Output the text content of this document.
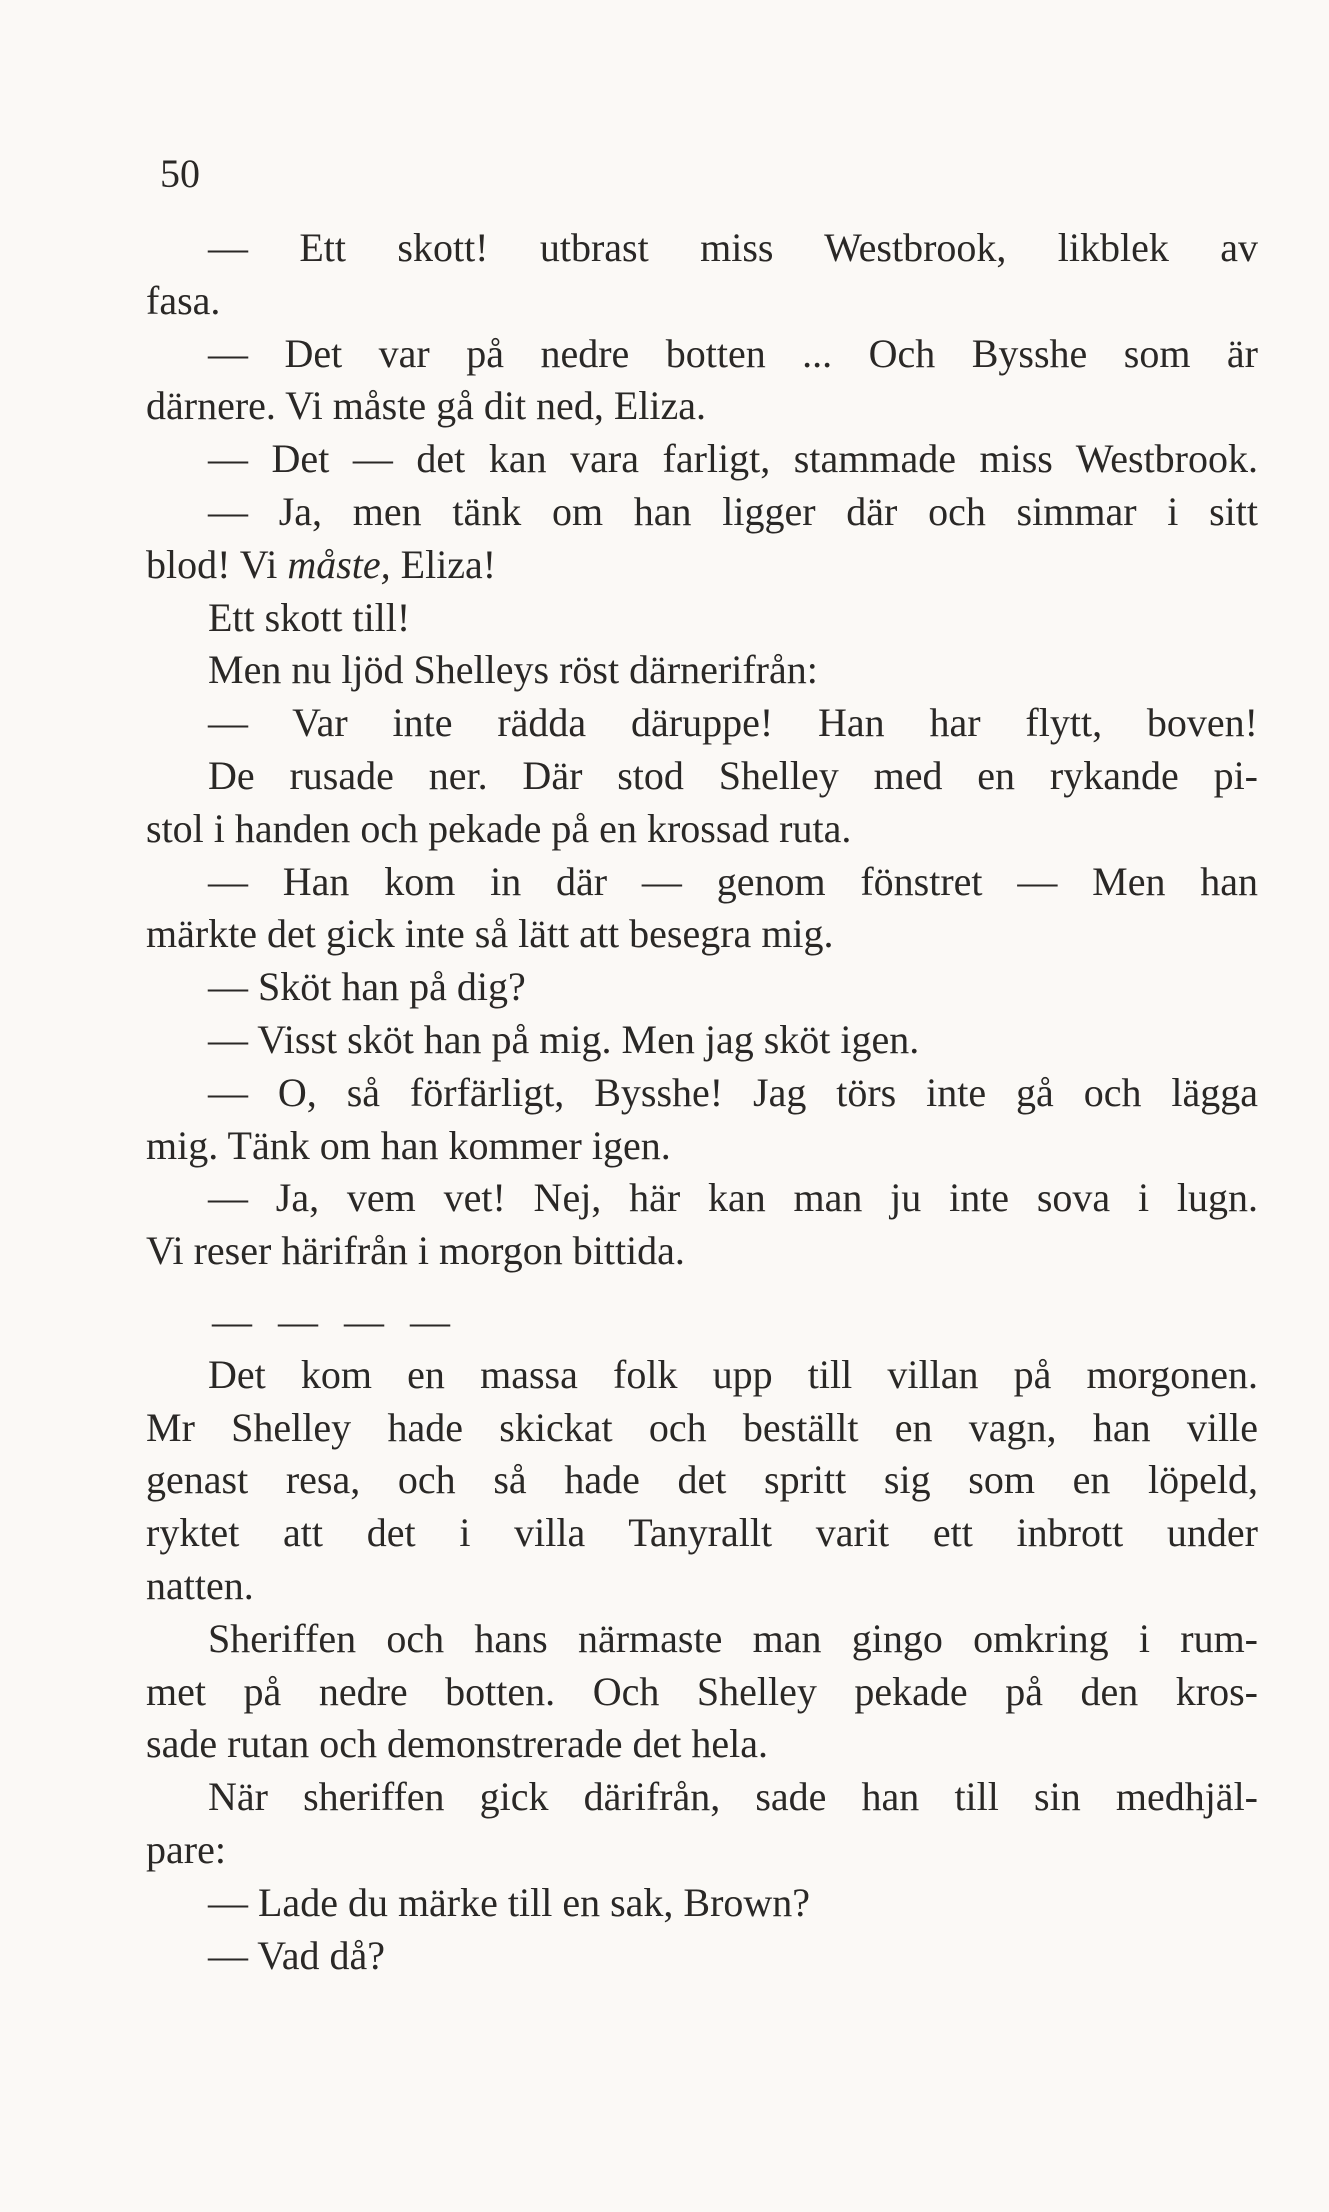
50
— Ett skott! utbrast miss Westbrook, likblek av
fasa.
— Det var på nedre botten ... Och Bysshe som är
därnere. Vi måste gå dit ned, Eliza.
— Det — det kan vara farligt, stammade miss Westbrook.
— Ja, men tänk om han ligger där och simmar i sitt
blod! Vi måste, Eliza!
Ett skott till!
Men nu ljöd Shelleys röst därnerifrån:
— Var inte rädda däruppe! Han har flytt, boven!
De rusade ner. Där stod Shelley med en rykande pi-
stol i handen och pekade på en krossad ruta.
— Han kom in där — genom fönstret — Men han
märkte det gick inte så lätt att besegra mig.
— Sköt han på dig?
— Visst sköt han på mig. Men jag sköt igen.
— O, så förfärligt, Bysshe! Jag törs inte gå och lägga
mig. Tänk om han kommer igen.
— Ja, vem vet! Nej, här kan man ju inte sova i lugn.
Vi reser härifrån i morgon bittida.
— — — —
Det kom en massa folk upp till villan på morgonen.
Mr Shelley hade skickat och beställt en vagn, han ville
genast resa, och så hade det spritt sig som en löpeld,
ryktet att det i villa Tanyrallt varit ett inbrott under
natten.
Sheriffen och hans närmaste man gingo omkring i rum-
met på nedre botten. Och Shelley pekade på den kros-
sade rutan och demonstrerade det hela.
När sheriffen gick därifrån, sade han till sin medhjäl-
pare:
— Lade du märke till en sak, Brown?
— Vad då?
